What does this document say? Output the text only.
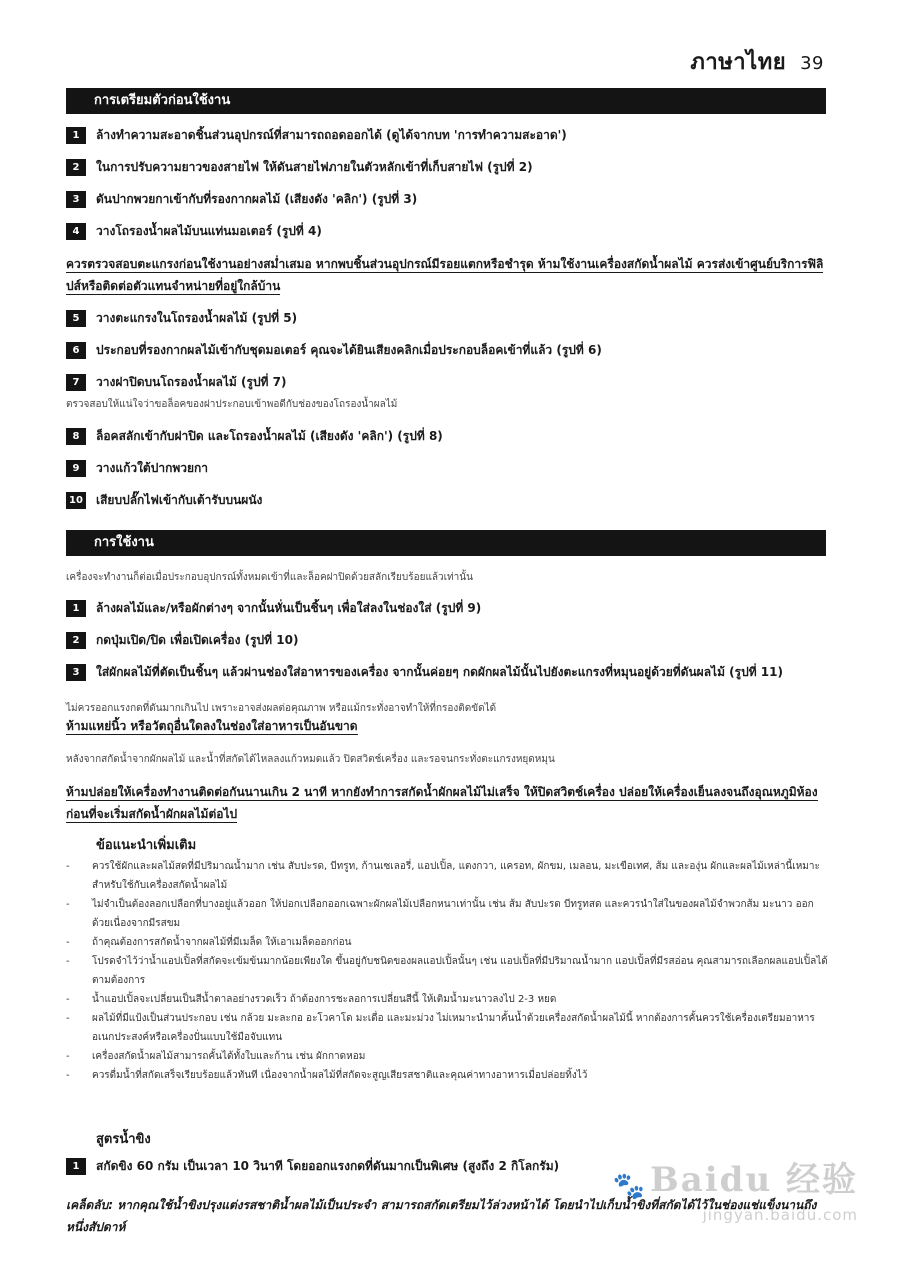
ภาษาไทย 39
การเตรียมตัวก่อนใช้งาน
1 ล้างทำความสะอาดชิ้นส่วนอุปกรณ์ที่สามารถถอดออกได้ (ดูได้จากบท 'การทำความสะอาด')
2 ในการปรับความยาวของสายไฟ ให้ดันสายไฟภายในตัวหลักเข้าที่เก็บสายไฟ (รูปที่ 2)
3 ดันปากพวยกาเข้ากับที่รองกากผลไม้ (เสียงดัง 'คลิก') (รูปที่ 3)
4 วางโถรองน้ำผลไม้บนแท่นมอเตอร์ (รูปที่ 4)
ควรตรวจสอบตะแกรงก่อนใช้งานอย่างสม่ำเสมอ หากพบชิ้นส่วนอุปกรณ์มีรอยแตกหรือชำรุด ห้ามใช้งานเครื่องสกัดน้ำผลไม้ ควรส่งเข้าศูนย์บริการฟิลิปส์หรือติดต่อตัวแทนจำหน่ายที่อยู่ใกล้บ้าน
5 วางตะแกรงในโถรองน้ำผลไม้ (รูปที่ 5)
6 ประกอบที่รองกากผลไม้เข้ากับชุดมอเตอร์ คุณจะได้ยินเสียงคลิกเมื่อประกอบล็อคเข้าที่แล้ว (รูปที่ 6)
7 วางฝาปิดบนโถรองน้ำผลไม้ (รูปที่ 7)
ตรวจสอบให้แน่ใจว่าขอล็อคของฝาประกอบเข้าพอดีกับช่องของโถรองน้ำผลไม้
8 ล็อคสลักเข้ากับฝาปิด และโถรองน้ำผลไม้ (เสียงดัง 'คลิก') (รูปที่ 8)
9 วางแก้วใต้ปากพวยกา
10 เสียบปลั๊กไฟเข้ากับเต้ารับบนผนัง
การใช้งาน
เครื่องจะทำงานก็ต่อเมื่อประกอบอุปกรณ์ทั้งหมดเข้าที่และล็อคฝาปิดด้วยสลักเรียบร้อยแล้วเท่านั้น
1 ล้างผลไม้และ/หรือผักต่างๆ จากนั้นหั่นเป็นชิ้นๆ เพื่อใส่ลงในช่องใส่ (รูปที่ 9)
2 กดปุ่มเปิด/ปิด เพื่อเปิดเครื่อง (รูปที่ 10)
3 ใส่ผักผลไม้ที่ตัดเป็นชิ้นๆ แล้วผ่านช่องใส่อาหารของเครื่อง จากนั้นค่อยๆ กดผักผลไม้นั้นไปยังตะแกรงที่หมุนอยู่ด้วยที่ดันผลไม้ (รูปที่ 11)
ไม่ควรออกแรงกดที่ดันมากเกินไป เพราะอาจส่งผลต่อคุณภาพ หรือแม้กระทั่งอาจทำให้ที่กรองติดขัดได้
ห้ามแหย่นิ้ว หรือวัตถุอื่นใดลงในช่องใส่อาหารเป็นอันขาด
หลังจากสกัดน้ำจากผักผลไม้ และน้ำที่สกัดได้ไหลลงแก้วหมดแล้ว ปิดสวิตช์เครื่อง และรอจนกระทั่งตะแกรงหยุดหมุน
ห้ามปล่อยให้เครื่องทำงานติดต่อกันนานเกิน 2 นาที หากยังทำการสกัดน้ำผักผลไม้ไม่เสร็จ ให้ปิดสวิตช์เครื่อง ปล่อยให้เครื่องเย็นลงจนถึงอุณหภูมิห้องก่อนที่จะเริ่มสกัดน้ำผักผลไม้ต่อไป
ข้อแนะนำเพิ่มเติม
- ควรใช้ผักและผลไม้สดที่มีปริมาณน้ำมาก เช่น สับปะรด, บีทรูท, ก้านเซเลอรี่, แอปเปิ้ล, แตงกวา, แครอท, ผักขม, เมลอน, มะเขือเทศ, ส้ม และองุ่น ผักและผลไม้เหล่านี้เหมาะสำหรับใช้กับเครื่องสกัดน้ำผลไม้
- ไม่จำเป็นต้องลอกเปลือกที่บางอยู่แล้วออก ให้ปอกเปลือกออกเฉพาะผักผลไม้เปลือกหนาเท่านั้น เช่น ส้ม สับปะรด บีทรูทสด และควรนำใส่ในของผลไม้จำพวกส้ม มะนาว ออกด้วยเนื่องจากมีรสขม
- ถ้าคุณต้องการสกัดน้ำจากผลไม้ที่มีเมล็ด ให้เอาเมล็ดออกก่อน
- โปรดจำไว้ว่าน้ำแอปเปิ้ลที่สกัดจะเข้มข้นมากน้อยเพียงใด ขึ้นอยู่กับชนิดของผลแอปเปิ้ลนั้นๆ เช่น แอปเปิ้ลที่มีปริมาณน้ำมาก แอปเปิ้ลที่มีรสอ่อน คุณสามารถเลือกผลแอปเปิ้ลได้ตามต้องการ
- น้ำแอปเปิ้ลจะเปลี่ยนเป็นสีน้ำตาลอย่างรวดเร็ว ถ้าต้องการชะลอการเปลี่ยนสีนี้ ให้เติมน้ำมะนาวลงไป 2-3 หยด
- ผลไม้ที่มีแป้งเป็นส่วนประกอบ เช่น กล้วย มะละกอ อะโวคาโด มะเดื่อ และมะม่วง ไม่เหมาะนำมาคั้นน้ำด้วยเครื่องสกัดน้ำผลไม้นี้ หากต้องการคั้นควรใช้เครื่องเตรียมอาหารอเนกประสงค์หรือเครื่องปั่นแบบใช้มือจับแทน
- เครื่องสกัดน้ำผลไม้สามารถคั้นได้ทั้งใบและก้าน เช่น ผักกาดหอม
- ควรดื่มน้ำที่สกัดเสร็จเรียบร้อยแล้วทันที เนื่องจากน้ำผลไม้ที่สกัดจะสูญเสียรสชาติและคุณค่าทางอาหารเมื่อปล่อยทิ้งไว้
สูตรน้ำขิง
1 สกัดขิง 60 กรัม เป็นเวลา 10 วินาที โดยออกแรงกดที่ดันมากเป็นพิเศษ (สูงถึง 2 กิโลกรัม)
เคล็ดลับ: หากคุณใช้น้ำขิงปรุงแต่งรสชาติน้ำผลไม้เป็นประจำ สามารถสกัดเตรียมไว้ล่วงหน้าได้ โดยนำไปเก็บน้ำขิงที่สกัดได้ไว้ในช่องแช่แข็งนานถึงหนึ่งสัปดาห์
🐾 Baidu 经验
jingyan.baidu.com
